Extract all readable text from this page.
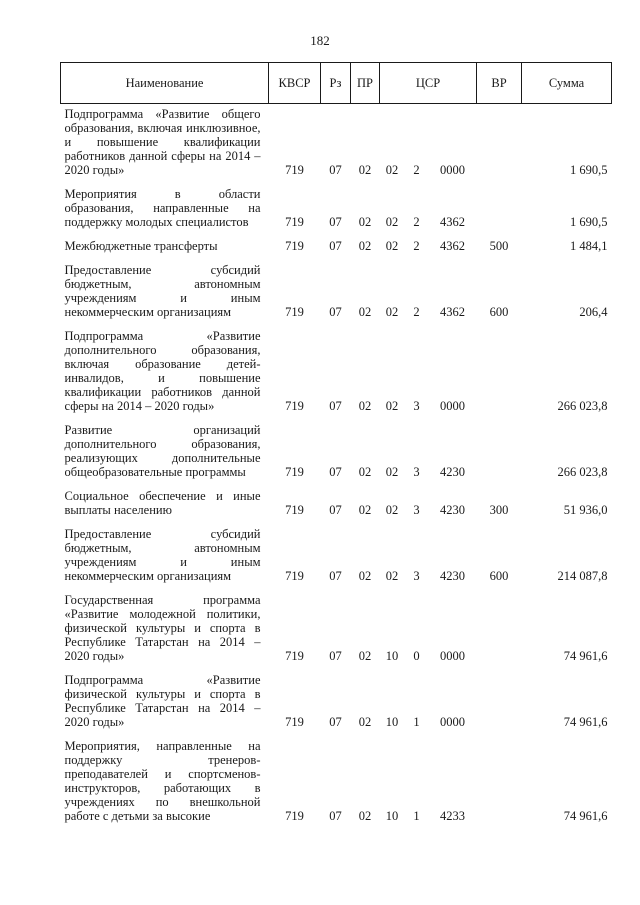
182
Наименование	КВСР	Рз	ПР	ЦСР			ВР	Сумма

Подпрограмма «Развитие общего образования, включая инклюзивное, и повышение квалификации работников данной сферы на 2014 – 2020 годы»	719	07	02	02	2	0000		1 690,5

Мероприятия в области образования, направленные на поддержку молодых специалистов	719	07	02	02	2	4362		1 690,5

Межбюджетные трансферты	719	07	02	02	2	4362	500	1 484,1

Предоставление субсидий бюджетным, автономным учреждениям и иным некоммерческим организациям	719	07	02	02	2	4362	600	206,4

Подпрограмма «Развитие дополнительного образования, включая образование детей-инвалидов, и повышение квалификации работников данной сферы на 2014 – 2020 годы»	719	07	02	02	3	0000		266 023,8

Развитие организаций дополнительного образования, реализующих дополнительные общеобразовательные программы	719	07	02	02	3	4230		266 023,8

Социальное обеспечение и иные выплаты населению	719	07	02	02	3	4230	300	51 936,0

Предоставление субсидий бюджетным, автономным учреждениям и иным некоммерческим организациям	719	07	02	02	3	4230	600	214 087,8

Государственная программа «Развитие молодежной политики, физической культуры и спорта в Республике Татарстан на 2014 – 2020 годы»	719	07	02	10	0	0000		74 961,6

Подпрограмма «Развитие физической культуры и спорта в Республике Татарстан на 2014 – 2020 годы»	719	07	02	10	1	0000		74 961,6

Мероприятия, направленные на поддержку тренеров-преподавателей и спортсменов-инструкторов, работающих в учреждениях по внешкольной работе с детьми за высокие	719	07	02	10	1	4233		74 961,6
